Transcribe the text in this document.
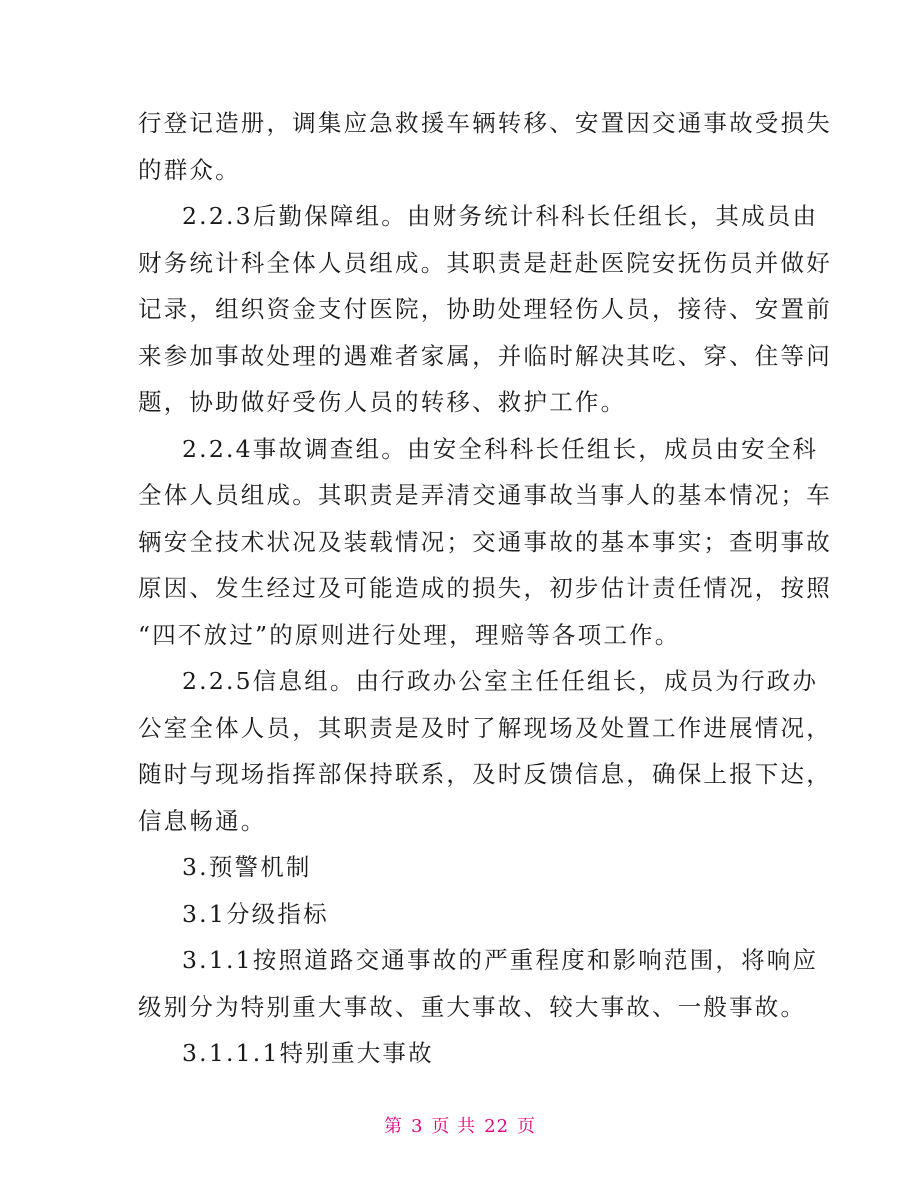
行登记造册，调集应急救援车辆转移、安置因交通事故受损失
的群众。
2.2.3后勤保障组。由财务统计科科长任组长，其成员由
财务统计科全体人员组成。其职责是赶赴医院安抚伤员并做好
记录，组织资金支付医院，协助处理轻伤人员，接待、安置前
来参加事故处理的遇难者家属，并临时解决其吃、穿、住等问
题，协助做好受伤人员的转移、救护工作。
2.2.4事故调查组。由安全科科长任组长，成员由安全科
全体人员组成。其职责是弄清交通事故当事人的基本情况；车
辆安全技术状况及装载情况；交通事故的基本事实；查明事故
原因、发生经过及可能造成的损失，初步估计责任情况，按照
“四不放过”的原则进行处理，理赔等各项工作。
2.2.5信息组。由行政办公室主任任组长，成员为行政办
公室全体人员，其职责是及时了解现场及处置工作进展情况，
随时与现场指挥部保持联系，及时反馈信息，确保上报下达，
信息畅通。
3.预警机制
3.1分级指标
3.1.1按照道路交通事故的严重程度和影响范围，将响应
级别分为特别重大事故、重大事故、较大事故、一般事故。
3.1.1.1特别重大事故

第 3 页 共 22 页
